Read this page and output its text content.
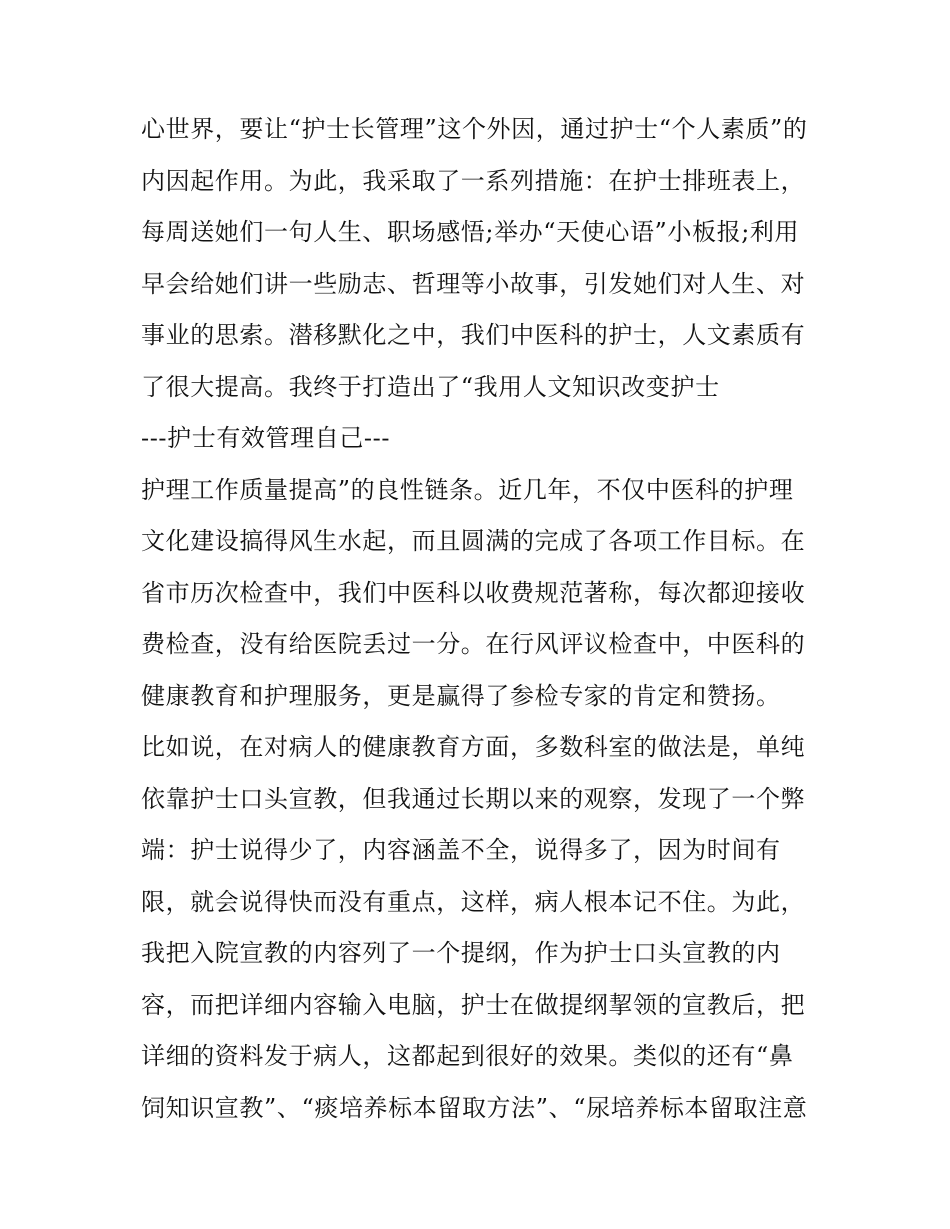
心世界，要让“护士长管理”这个外因，通过护士“个人素质”的
内因起作用。为此，我采取了一系列措施：在护士排班表上，
每周送她们一句人生、职场感悟;举办“天使心语”小板报;利用
早会给她们讲一些励志、哲理等小故事，引发她们对人生、对
事业的思索。潜移默化之中，我们中医科的护士，人文素质有
了很大提高。我终于打造出了“我用人文知识改变护士
---护士有效管理自己---
护理工作质量提高”的良性链条。近几年，不仅中医科的护理
文化建设搞得风生水起，而且圆满的完成了各项工作目标。在
省市历次检查中，我们中医科以收费规范著称，每次都迎接收
费检查，没有给医院丢过一分。在行风评议检查中，中医科的
健康教育和护理服务，更是赢得了参检专家的肯定和赞扬。
比如说，在对病人的健康教育方面，多数科室的做法是，单纯
依靠护士口头宣教，但我通过长期以来的观察，发现了一个弊
端：护士说得少了，内容涵盖不全，说得多了，因为时间有
限，就会说得快而没有重点，这样，病人根本记不住。为此，
我把入院宣教的内容列了一个提纲，作为护士口头宣教的内
容，而把详细内容输入电脑，护士在做提纲挈领的宣教后，把
详细的资料发于病人，这都起到很好的效果。类似的还有“鼻
饲知识宣教”、“痰培养标本留取方法”、“尿培养标本留取注意
